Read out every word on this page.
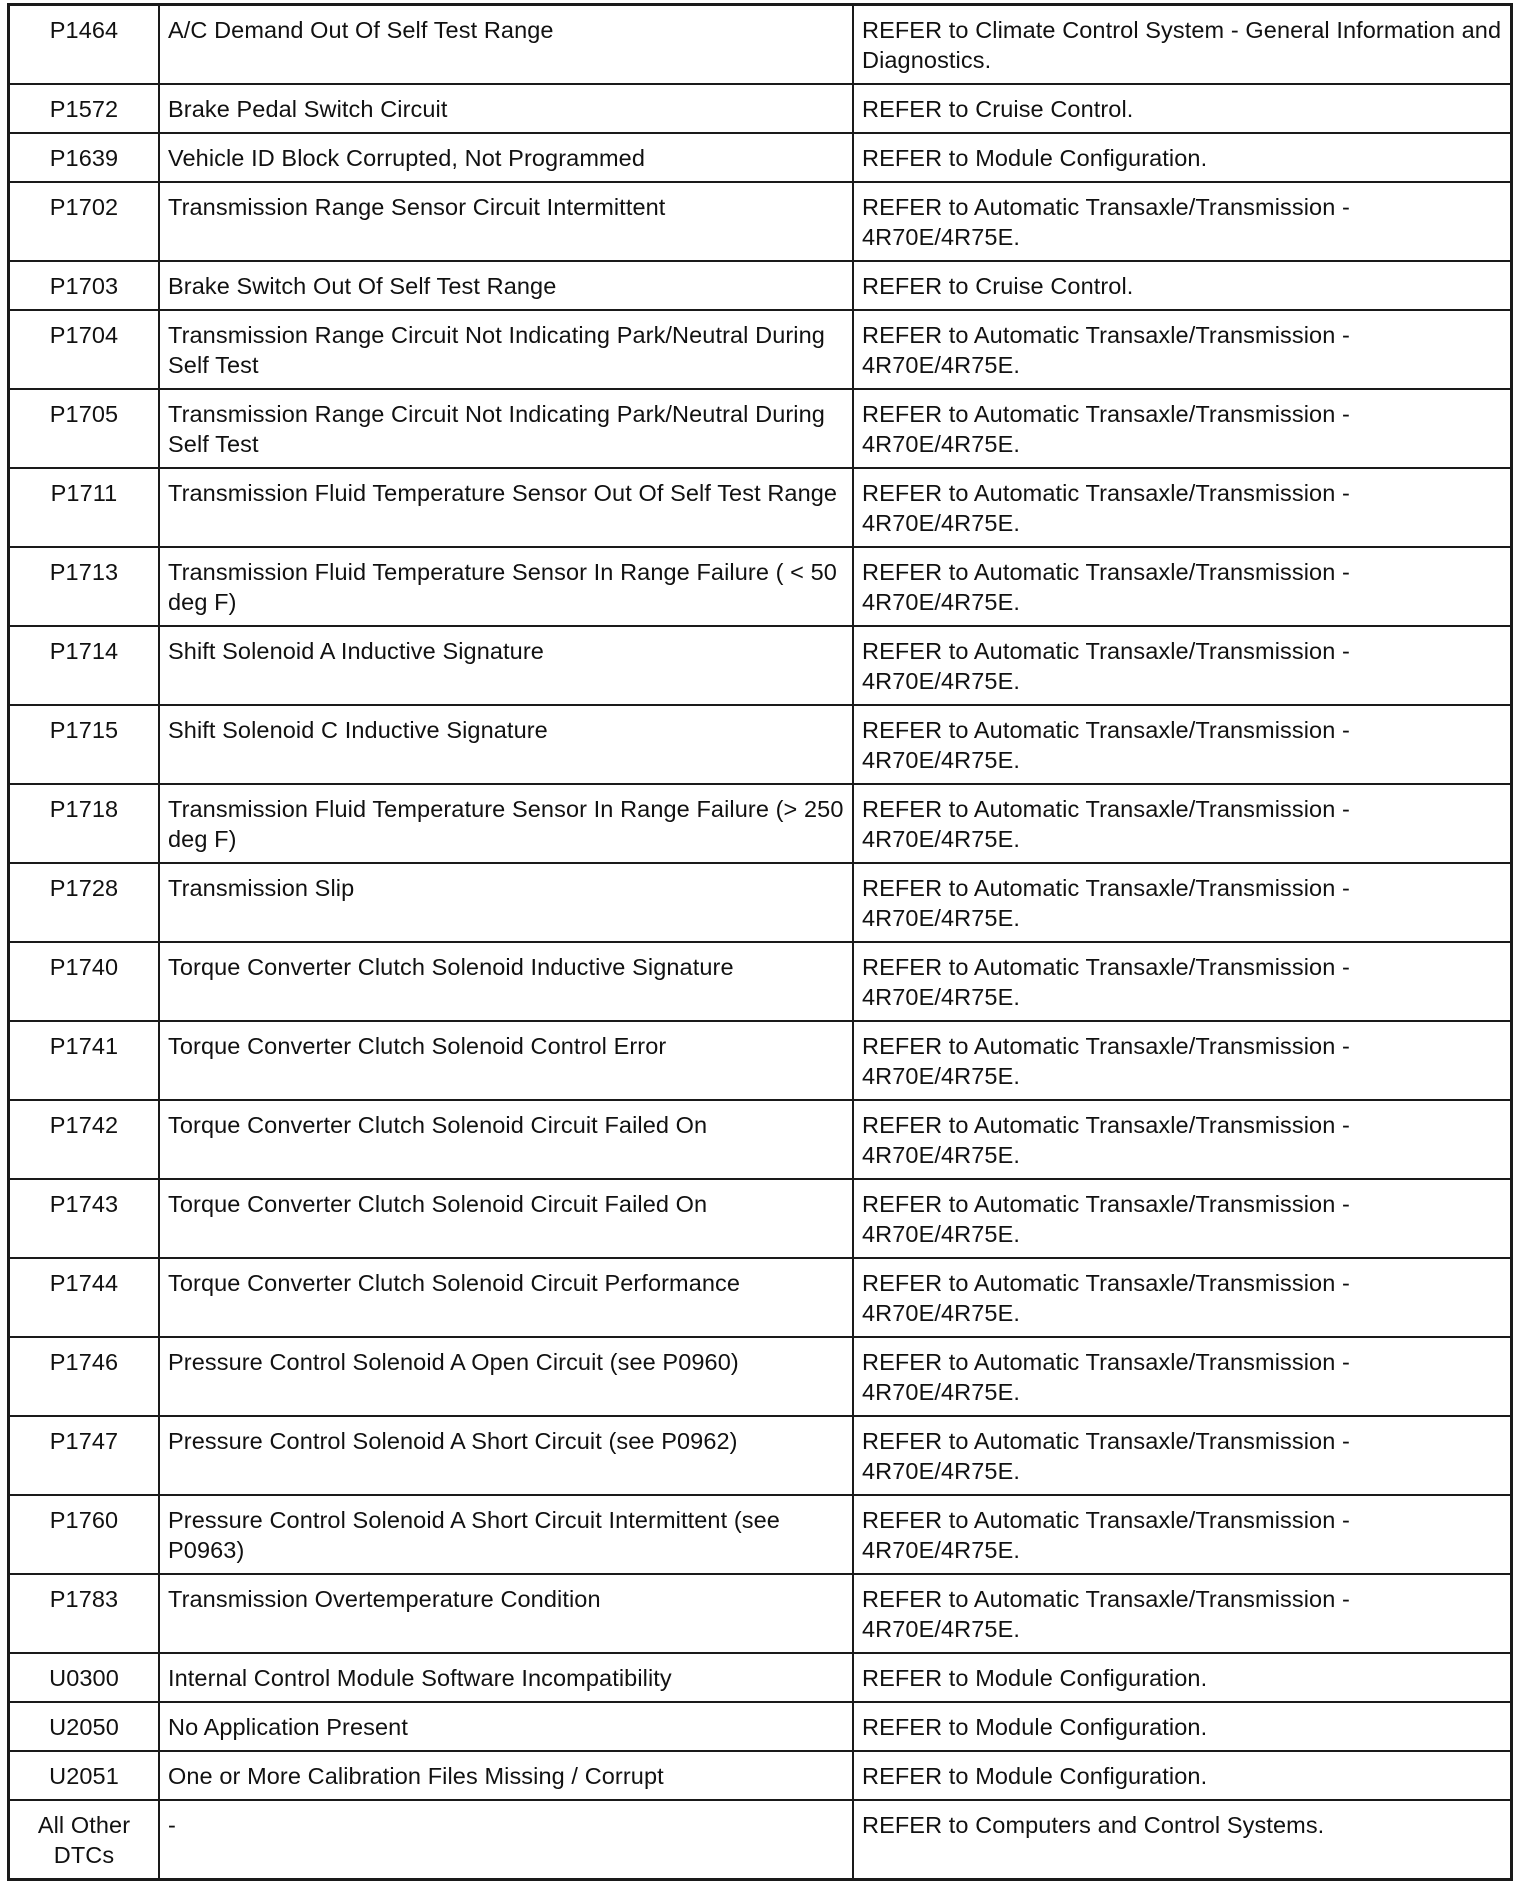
P1464	A/C Demand Out Of Self Test Range	REFER to Climate Control System - General Information and Diagnostics.
P1572	Brake Pedal Switch Circuit	REFER to Cruise Control.
P1639	Vehicle ID Block Corrupted, Not Programmed	REFER to Module Configuration.
P1702	Transmission Range Sensor Circuit Intermittent	REFER to Automatic Transaxle/Transmission - 4R70E/4R75E.
P1703	Brake Switch Out Of Self Test Range	REFER to Cruise Control.
P1704	Transmission Range Circuit Not Indicating Park/Neutral During Self Test	REFER to Automatic Transaxle/Transmission - 4R70E/4R75E.
P1705	Transmission Range Circuit Not Indicating Park/Neutral During Self Test	REFER to Automatic Transaxle/Transmission - 4R70E/4R75E.
P1711	Transmission Fluid Temperature Sensor Out Of Self Test Range	REFER to Automatic Transaxle/Transmission - 4R70E/4R75E.
P1713	Transmission Fluid Temperature Sensor In Range Failure ( < 50 deg F)	REFER to Automatic Transaxle/Transmission - 4R70E/4R75E.
P1714	Shift Solenoid A Inductive Signature	REFER to Automatic Transaxle/Transmission - 4R70E/4R75E.
P1715	Shift Solenoid C Inductive Signature	REFER to Automatic Transaxle/Transmission - 4R70E/4R75E.
P1718	Transmission Fluid Temperature Sensor In Range Failure (> 250 deg F)	REFER to Automatic Transaxle/Transmission - 4R70E/4R75E.
P1728	Transmission Slip	REFER to Automatic Transaxle/Transmission - 4R70E/4R75E.
P1740	Torque Converter Clutch Solenoid Inductive Signature	REFER to Automatic Transaxle/Transmission - 4R70E/4R75E.
P1741	Torque Converter Clutch Solenoid Control Error	REFER to Automatic Transaxle/Transmission - 4R70E/4R75E.
P1742	Torque Converter Clutch Solenoid Circuit Failed On	REFER to Automatic Transaxle/Transmission - 4R70E/4R75E.
P1743	Torque Converter Clutch Solenoid Circuit Failed On	REFER to Automatic Transaxle/Transmission - 4R70E/4R75E.
P1744	Torque Converter Clutch Solenoid Circuit Performance	REFER to Automatic Transaxle/Transmission - 4R70E/4R75E.
P1746	Pressure Control Solenoid A Open Circuit (see P0960)	REFER to Automatic Transaxle/Transmission - 4R70E/4R75E.
P1747	Pressure Control Solenoid A Short Circuit (see P0962)	REFER to Automatic Transaxle/Transmission - 4R70E/4R75E.
P1760	Pressure Control Solenoid A Short Circuit Intermittent (see P0963)	REFER to Automatic Transaxle/Transmission - 4R70E/4R75E.
P1783	Transmission Overtemperature Condition	REFER to Automatic Transaxle/Transmission - 4R70E/4R75E.
U0300	Internal Control Module Software Incompatibility	REFER to Module Configuration.
U2050	No Application Present	REFER to Module Configuration.
U2051	One or More Calibration Files Missing / Corrupt	REFER to Module Configuration.
All Other DTCs	-	REFER to Computers and Control Systems.
